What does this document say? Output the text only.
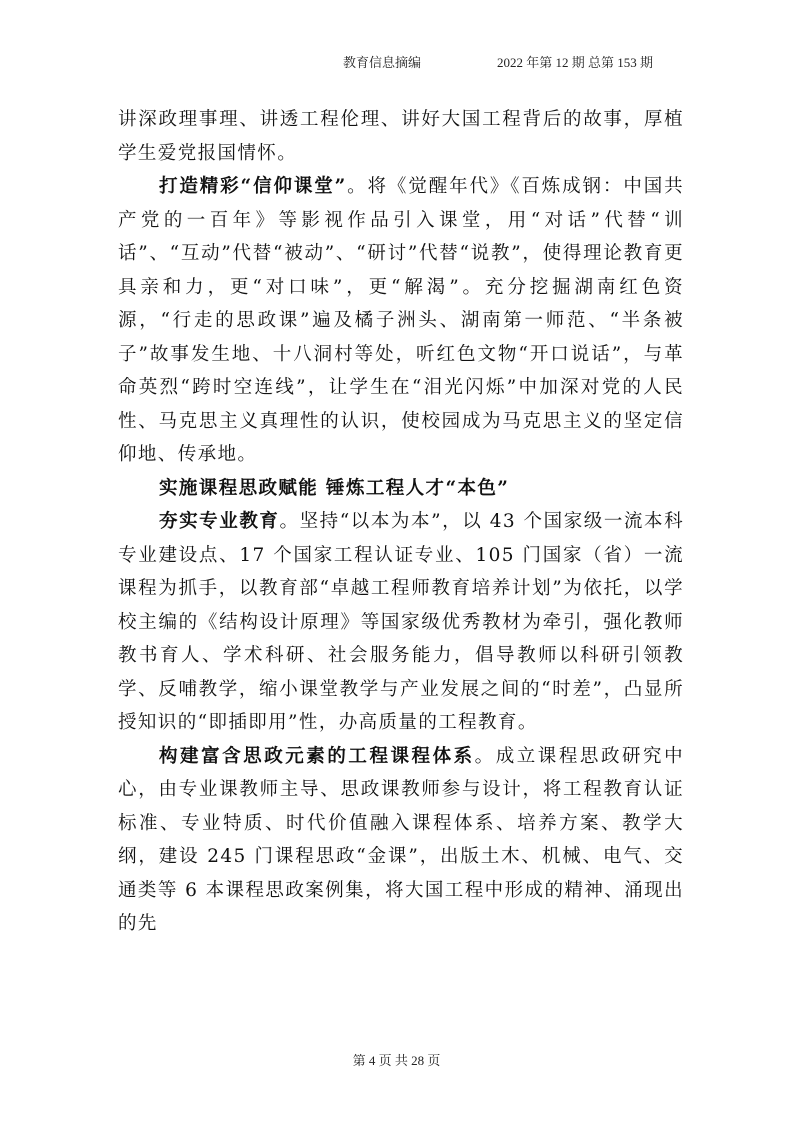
教育信息摘编	2022 年第 12 期 总第 153 期

讲深政理事理、讲透工程伦理、讲好大国工程背后的故事，厚植学生爱党报国情怀。

打造精彩“信仰课堂”。将《觉醒年代》《百炼成钢：中国共产党的一百年》等影视作品引入课堂，用“对话”代替“训话”、“互动”代替“被动”、“研讨”代替“说教”，使得理论教育更具亲和力，更“对口味”，更“解渴”。充分挖掘湖南红色资源，“行走的思政课”遍及橘子洲头、湖南第一师范、“半条被子”故事发生地、十八洞村等处，听红色文物“开口说话”，与革命英烈“跨时空连线”，让学生在“泪光闪烁”中加深对党的人民性、马克思主义真理性的认识，使校园成为马克思主义的坚定信仰地、传承地。

实施课程思政赋能 锤炼工程人才“本色”

夯实专业教育。坚持“以本为本”，以 43 个国家级一流本科专业建设点、17 个国家工程认证专业、105 门国家（省）一流课程为抓手，以教育部“卓越工程师教育培养计划”为依托，以学校主编的《结构设计原理》等国家级优秀教材为牵引，强化教师教书育人、学术科研、社会服务能力，倡导教师以科研引领教学、反哺教学，缩小课堂教学与产业发展之间的“时差”，凸显所授知识的“即插即用”性，办高质量的工程教育。

构建富含思政元素的工程课程体系。成立课程思政研究中心，由专业课教师主导、思政课教师参与设计，将工程教育认证标准、专业特质、时代价值融入课程体系、培养方案、教学大纲，建设 245 门课程思政“金课”，出版土木、机械、电气、交通类等 6 本课程思政案例集，将大国工程中形成的精神、涌现出的先

第 4 页 共 28 页
